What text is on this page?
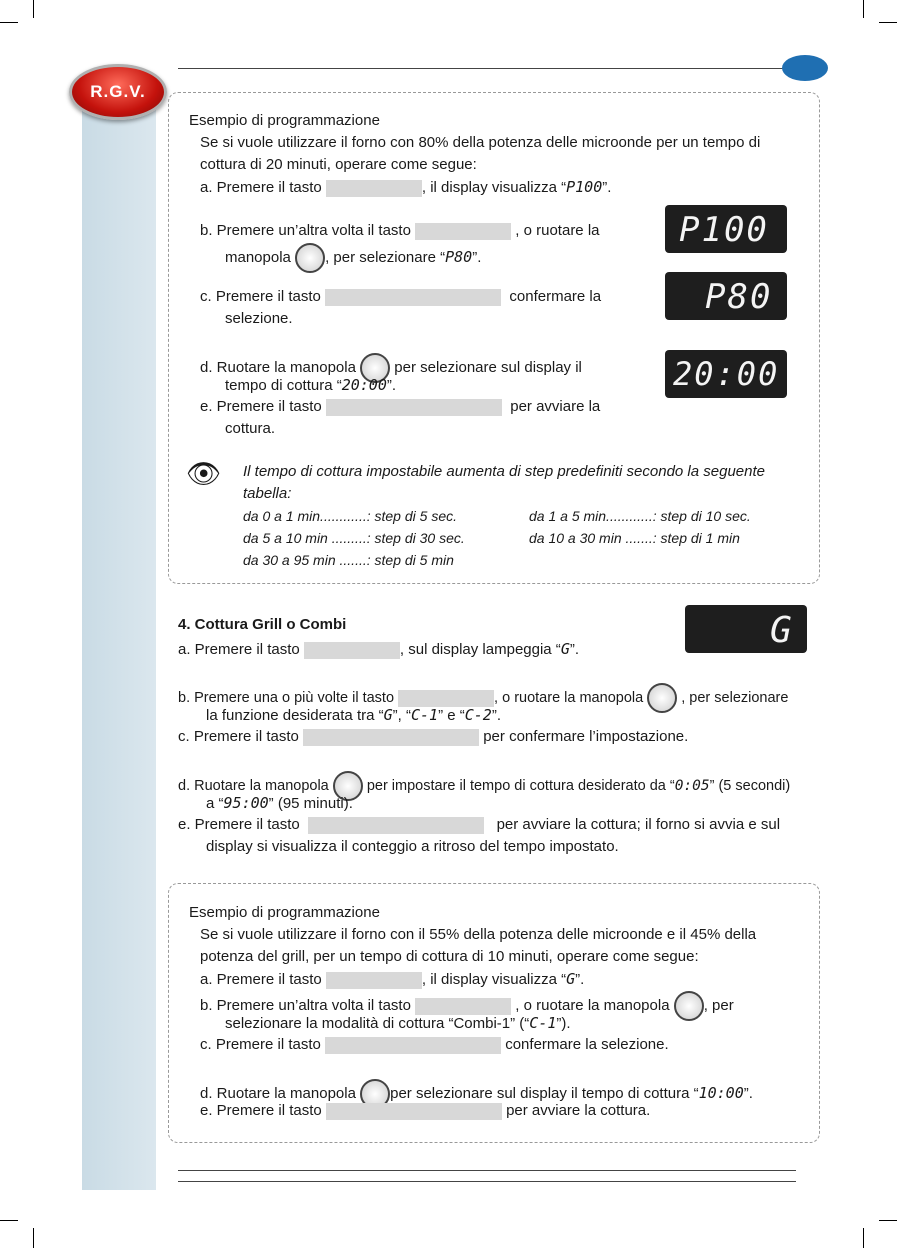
R.G.V.
Esempio di programmazione
Se si vuole utilizzare il forno con 80% della potenza delle microonde per un tempo di
cottura di 20 minuti, operare come segue:
a. Premere il tasto	, il display visualizza “P100”.
b. Premere un’altra volta il tasto	, o ruotare la
manopola , per selezionare “P80”.
c. Premere il tasto	confermare la
selezione.
d. Ruotare la manopola	per selezionare sul display il
tempo di cottura “20:00”.
e. Premere il tasto	per avviare la
cottura.
P100
P80
20:00
👁 Il tempo di cottura impostabile aumenta di step predefiniti secondo la seguente
tabella:
da 0 a 1 min............: step di 5 sec.	da 1 a 5 min............: step di 10 sec.
da 5 a 10 min .........: step di 30 sec.	da 10 a 30 min .......: step di 1 min
da 30 a 95 min .......: step di 5 min
4. Cottura Grill o Combi	G
a. Premere il tasto	, sul display lampeggia “G”.
b. Premere una o più volte il tasto	, o ruotare la manopola	, per selezionare
la funzione desiderata tra “G”, “C-1” e “C-2”.
c. Premere il tasto	per confermare l’impostazione.
d. Ruotare la manopola	per impostare il tempo di cottura desiderato da “0:05” (5 secondi)
a “95:00” (95 minuti).
e. Premere il tasto	per avviare la cottura; il forno si avvia e sul
display si visualizza il conteggio a ritroso del tempo impostato.
Esempio di programmazione
Se si vuole utilizzare il forno con il 55% della potenza delle microonde e il 45% della
potenza del grill, per un tempo di cottura di 10 minuti, operare come segue:
a. Premere il tasto	, il display visualizza “G”.
b. Premere un’altra volta il tasto	, o ruotare la manopola , per
selezionare la modalità di cottura “Combi-1” (“C-1”).
c. Premere il tasto	confermare la selezione.
d. Ruotare la manopola per selezionare sul display il tempo di cottura “10:00”.
e. Premere il tasto	per avviare la cottura.
